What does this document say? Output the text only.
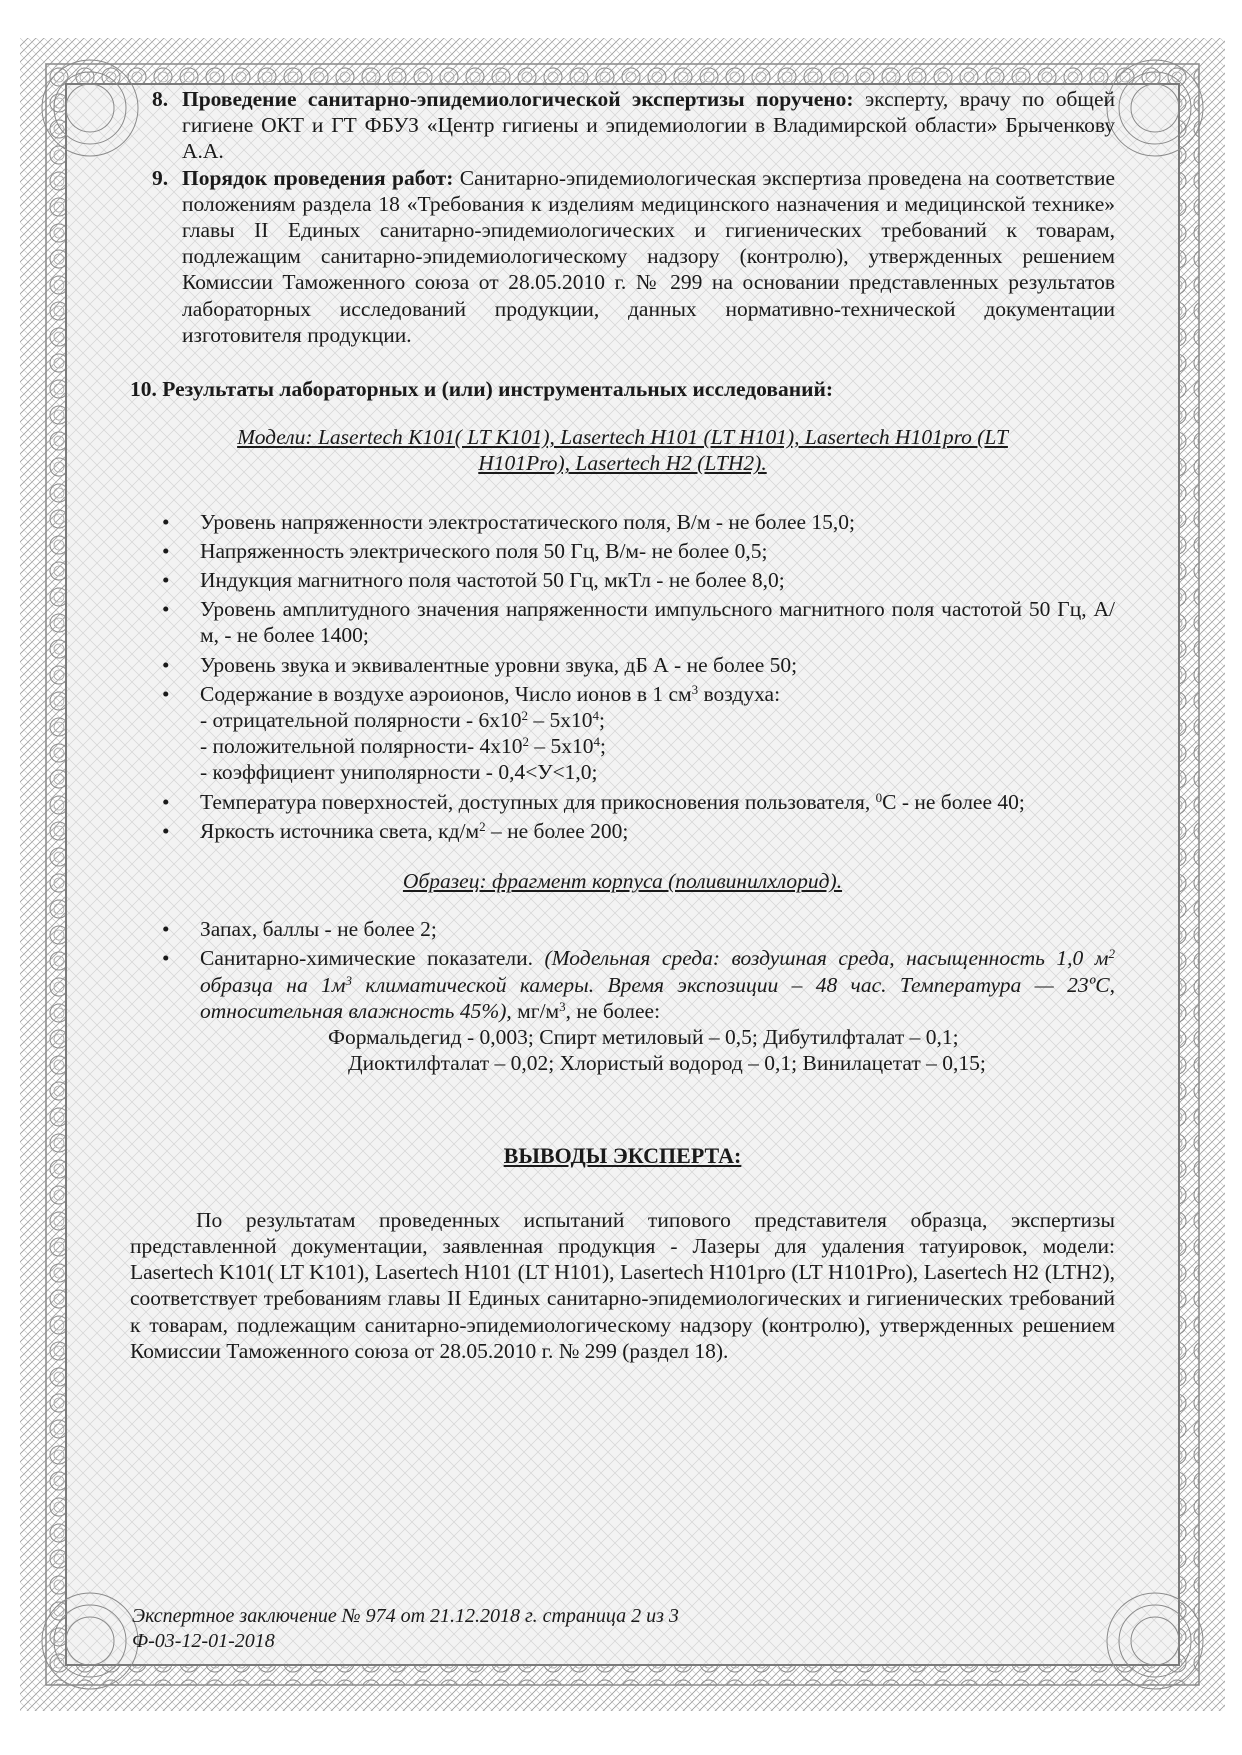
8. Проведение санитарно-эпидемиологической экспертизы поручено: эксперту, врачу по общей гигиене ОКТ и ГТ ФБУЗ «Центр гигиены и эпидемиологии в Владимирской области» Брыченкову А.А.
9. Порядок проведения работ: Санитарно-эпидемиологическая экспертиза проведена на соответствие положениям раздела 18 «Требования к изделиям медицинского назначения и медицинской технике» главы II Единых санитарно-эпидемиологических и гигиенических требований к товарам, подлежащим санитарно-эпидемиологическому надзору (контролю), утвержденных решением Комиссии Таможенного союза от 28.05.2010 г. № 299 на основании представленных результатов лабораторных исследований продукции, данных нормативно-технической документации изготовителя продукции.
10. Результаты лабораторных и (или) инструментальных исследований:
Модели: Lasertech K101( LT K101), Lasertech H101 (LT H101), Lasertech H101pro (LT
H101Pro), Lasertech H2 (LTH2).
• Уровень напряженности электростатического поля, В/м - не более 15,0;
• Напряженность электрического поля 50 Гц, В/м- не более 0,5;
• Индукция магнитного поля частотой 50 Гц, мкТл - не более 8,0;
• Уровень амплитудного значения напряженности импульсного магнитного поля частотой 50 Гц, А/м, - не более 1400;
• Уровень звука и эквивалентные уровни звука, дБ А - не более 50;
• Содержание в воздухе аэроионов, Число ионов в 1 $см^3$ воздуха:
- отрицательной полярности - $6х10^2 - 5х10^4$;
- положительной полярности- $4х10^2 - 5х10^4$;
- коэффициент униполярности - 0,4<У<1,0;
• Температура поверхностей, доступных для прикосновения пользователя, $^0$С - не более 40;
• Яркость источника света, $кд/м^2$ – не более 200;
Образец: фрагмент корпуса (поливинилхлорид).
• Запах, баллы - не более 2;
• Санитарно-химические показатели. (Модельная среда: воздушная среда, насыщенность 1,0 $м^2$ образца на $1м^3$ климатической камеры. Время экспозиции – 48 час. Температура — 23ºС, относительная влажность 45%), $мг/м^3$, не более:
Формальдегид - 0,003; Спирт метиловый – 0,5; Дибутилфталат – 0,1;
Диоктилфталат – 0,02; Хлористый водород – 0,1; Винилацетат – 0,15;
ВЫВОДЫ ЭКСПЕРТА:
По результатам проведенных испытаний типового представителя образца, экспертизы представленной документации, заявленная продукция - Лазеры для удаления татуировок, модели: Lasertech K101( LT K101), Lasertech H101 (LT H101), Lasertech H101pro (LT H101Pro), Lasertech H2 (LTH2), соответствует требованиям главы II Единых санитарно-эпидемиологических и гигиенических требований к товарам, подлежащим санитарно-эпидемиологическому надзору (контролю), утвержденных решением Комиссии Таможенного союза от 28.05.2010 г. № 299 (раздел 18).
Экспертное заключение № 974 от 21.12.2018 г. страница 2 из 3
Ф-03-12-01-2018
